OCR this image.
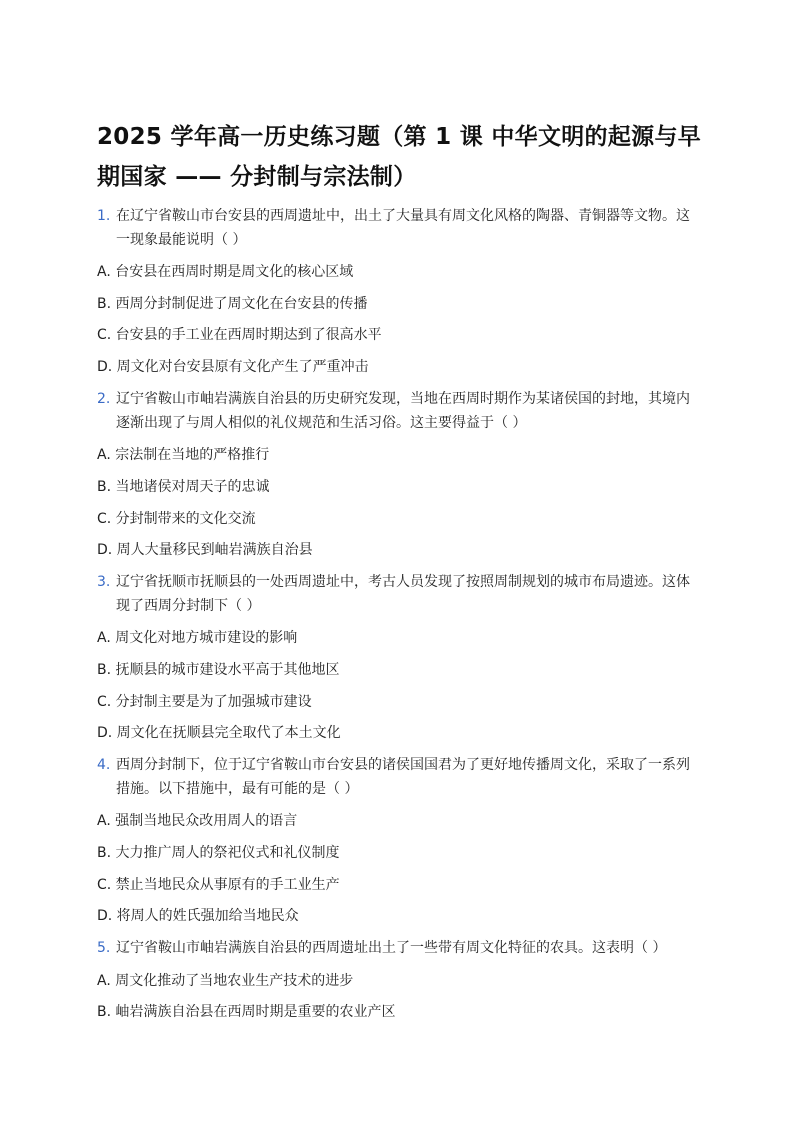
2025 学年高一历史练习题（第 1 课 中华文明的起源与早期国家 —— 分封制与宗法制）
1. 在辽宁省鞍山市台安县的西周遗址中，出土了大量具有周文化风格的陶器、青铜器等文物。这一现象最能说明（ ）
A. 台安县在西周时期是周文化的核心区域
B. 西周分封制促进了周文化在台安县的传播
C. 台安县的手工业在西周时期达到了很高水平
D. 周文化对台安县原有文化产生了严重冲击
2. 辽宁省鞍山市岫岩满族自治县的历史研究发现，当地在西周时期作为某诸侯国的封地，其境内逐渐出现了与周人相似的礼仪规范和生活习俗。这主要得益于（ ）
A. 宗法制在当地的严格推行
B. 当地诸侯对周天子的忠诚
C. 分封制带来的文化交流
D. 周人大量移民到岫岩满族自治县
3. 辽宁省抚顺市抚顺县的一处西周遗址中，考古人员发现了按照周制规划的城市布局遗迹。这体现了西周分封制下（ ）
A. 周文化对地方城市建设的影响
B. 抚顺县的城市建设水平高于其他地区
C. 分封制主要是为了加强城市建设
D. 周文化在抚顺县完全取代了本土文化
4. 西周分封制下，位于辽宁省鞍山市台安县的诸侯国国君为了更好地传播周文化，采取了一系列措施。以下措施中，最有可能的是（ ）
A. 强制当地民众改用周人的语言
B. 大力推广周人的祭祀仪式和礼仪制度
C. 禁止当地民众从事原有的手工业生产
D. 将周人的姓氏强加给当地民众
5. 辽宁省鞍山市岫岩满族自治县的西周遗址出土了一些带有周文化特征的农具。这表明（ ）
A. 周文化推动了当地农业生产技术的进步
B. 岫岩满族自治县在西周时期是重要的农业产区
